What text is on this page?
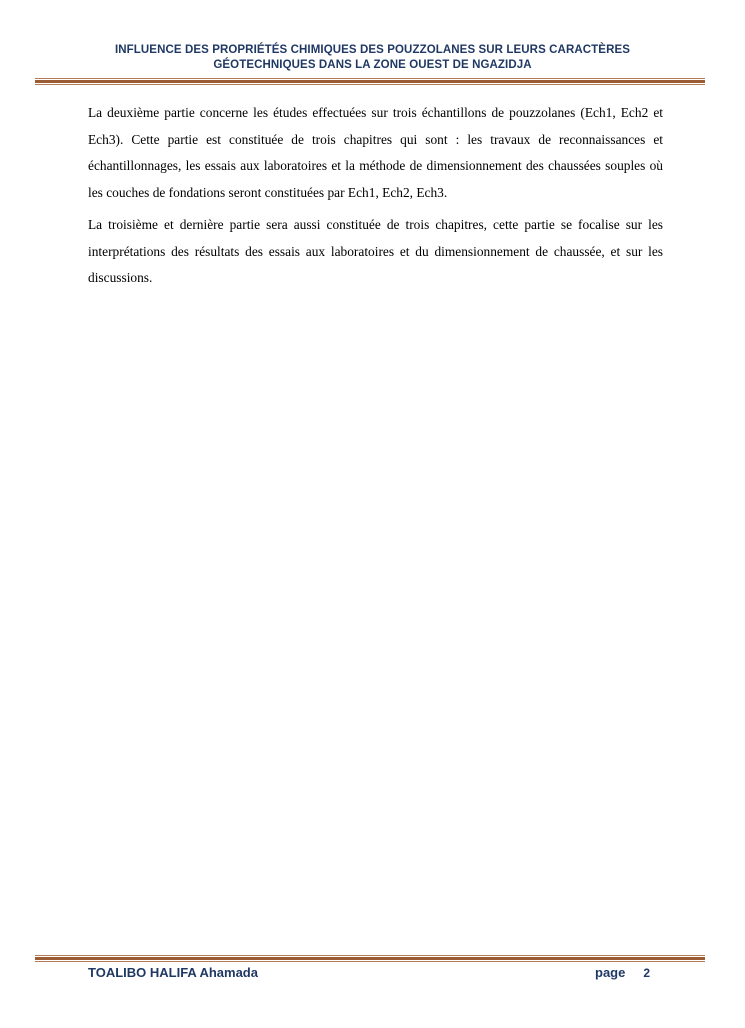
INFLUENCE DES PROPRIÉTÉS CHIMIQUES DES POUZZOLANES SUR LEURS CARACTÈRES
GÉOTECHNIQUES DANS LA ZONE OUEST DE NGAZIDJA

La deuxième partie concerne les études effectuées sur trois échantillons de pouzzolanes (Ech1, Ech2 et Ech3). Cette partie est constituée de trois chapitres qui sont : les travaux de reconnaissances et échantillonnages, les essais aux laboratoires et la méthode de dimensionnement des chaussées souples où les couches de fondations seront constituées par Ech1, Ech2, Ech3.

La troisième et dernière partie sera aussi constituée de trois chapitres, cette partie se focalise sur les interprétations des résultats des essais aux laboratoires et du dimensionnement de chaussée, et sur les discussions.

TOALIBO HALIFA Ahamada	page 2
